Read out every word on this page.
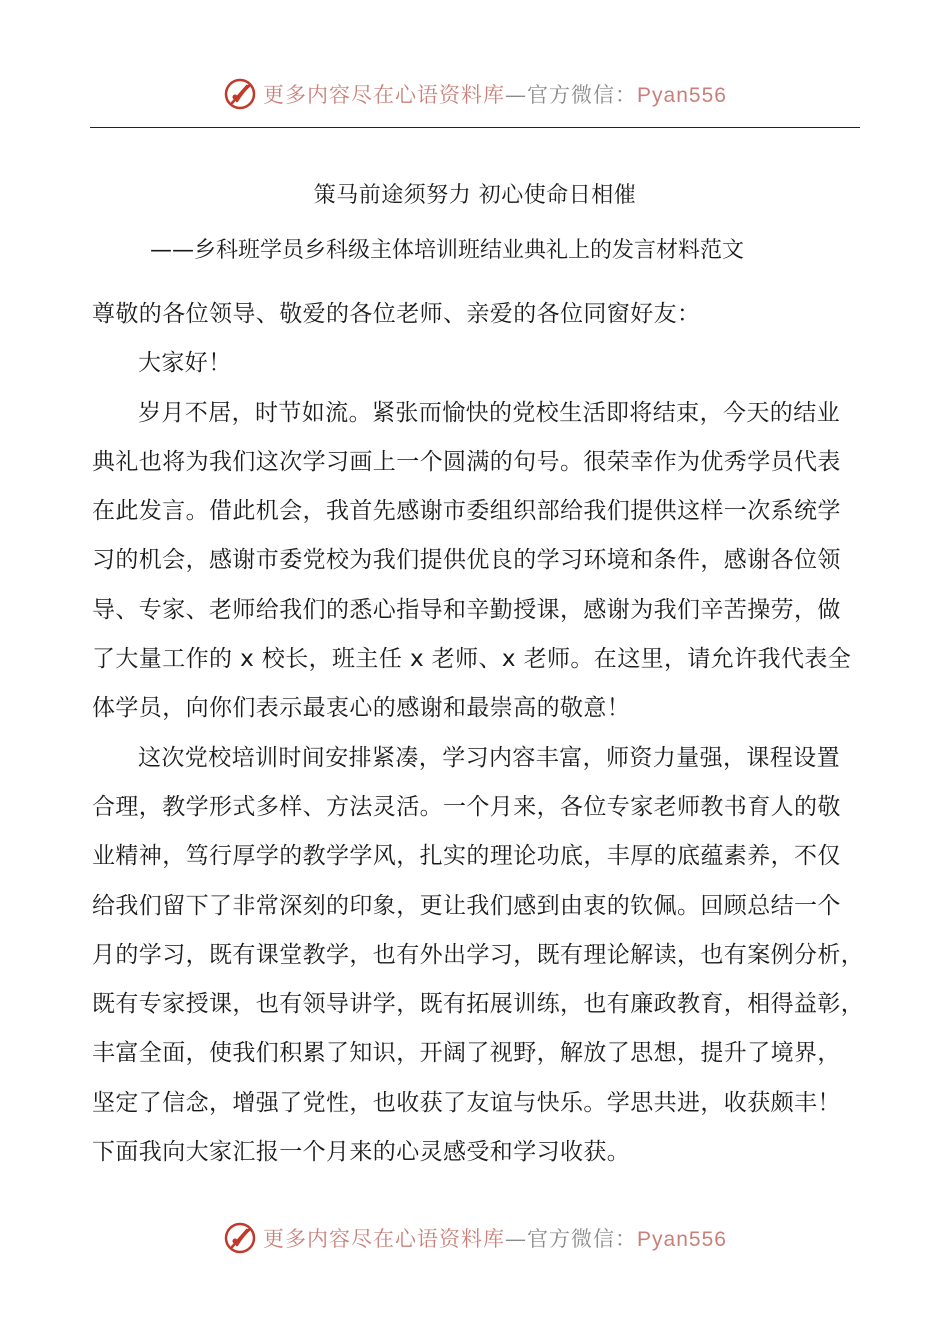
更多内容尽在心语资料库—官方微信：Pyan556
策马前途须努力 初心使命日相催
——乡科班学员乡科级主体培训班结业典礼上的发言材料范文
尊敬的各位领导、敬爱的各位老师、亲爱的各位同窗好友：
大家好！
岁月不居，时节如流。紧张而愉快的党校生活即将结束，今天的结业
典礼也将为我们这次学习画上一个圆满的句号。很荣幸作为优秀学员代表
在此发言。借此机会，我首先感谢市委组织部给我们提供这样一次系统学
习的机会，感谢市委党校为我们提供优良的学习环境和条件，感谢各位领
导、专家、老师给我们的悉心指导和辛勤授课，感谢为我们辛苦操劳，做
了大量工作的 x 校长，班主任 x 老师、x 老师。在这里，请允许我代表全
体学员，向你们表示最衷心的感谢和最崇高的敬意！
这次党校培训时间安排紧凑，学习内容丰富，师资力量强，课程设置
合理，教学形式多样、方法灵活。一个月来，各位专家老师教书育人的敬
业精神，笃行厚学的教学学风，扎实的理论功底，丰厚的底蕴素养，不仅
给我们留下了非常深刻的印象，更让我们感到由衷的钦佩。回顾总结一个
月的学习，既有课堂教学，也有外出学习，既有理论解读，也有案例分析，
既有专家授课，也有领导讲学，既有拓展训练，也有廉政教育，相得益彰，
丰富全面，使我们积累了知识，开阔了视野，解放了思想，提升了境界，
坚定了信念，增强了党性，也收获了友谊与快乐。学思共进，收获颇丰！
下面我向大家汇报一个月来的心灵感受和学习收获。
更多内容尽在心语资料库—官方微信：Pyan556
